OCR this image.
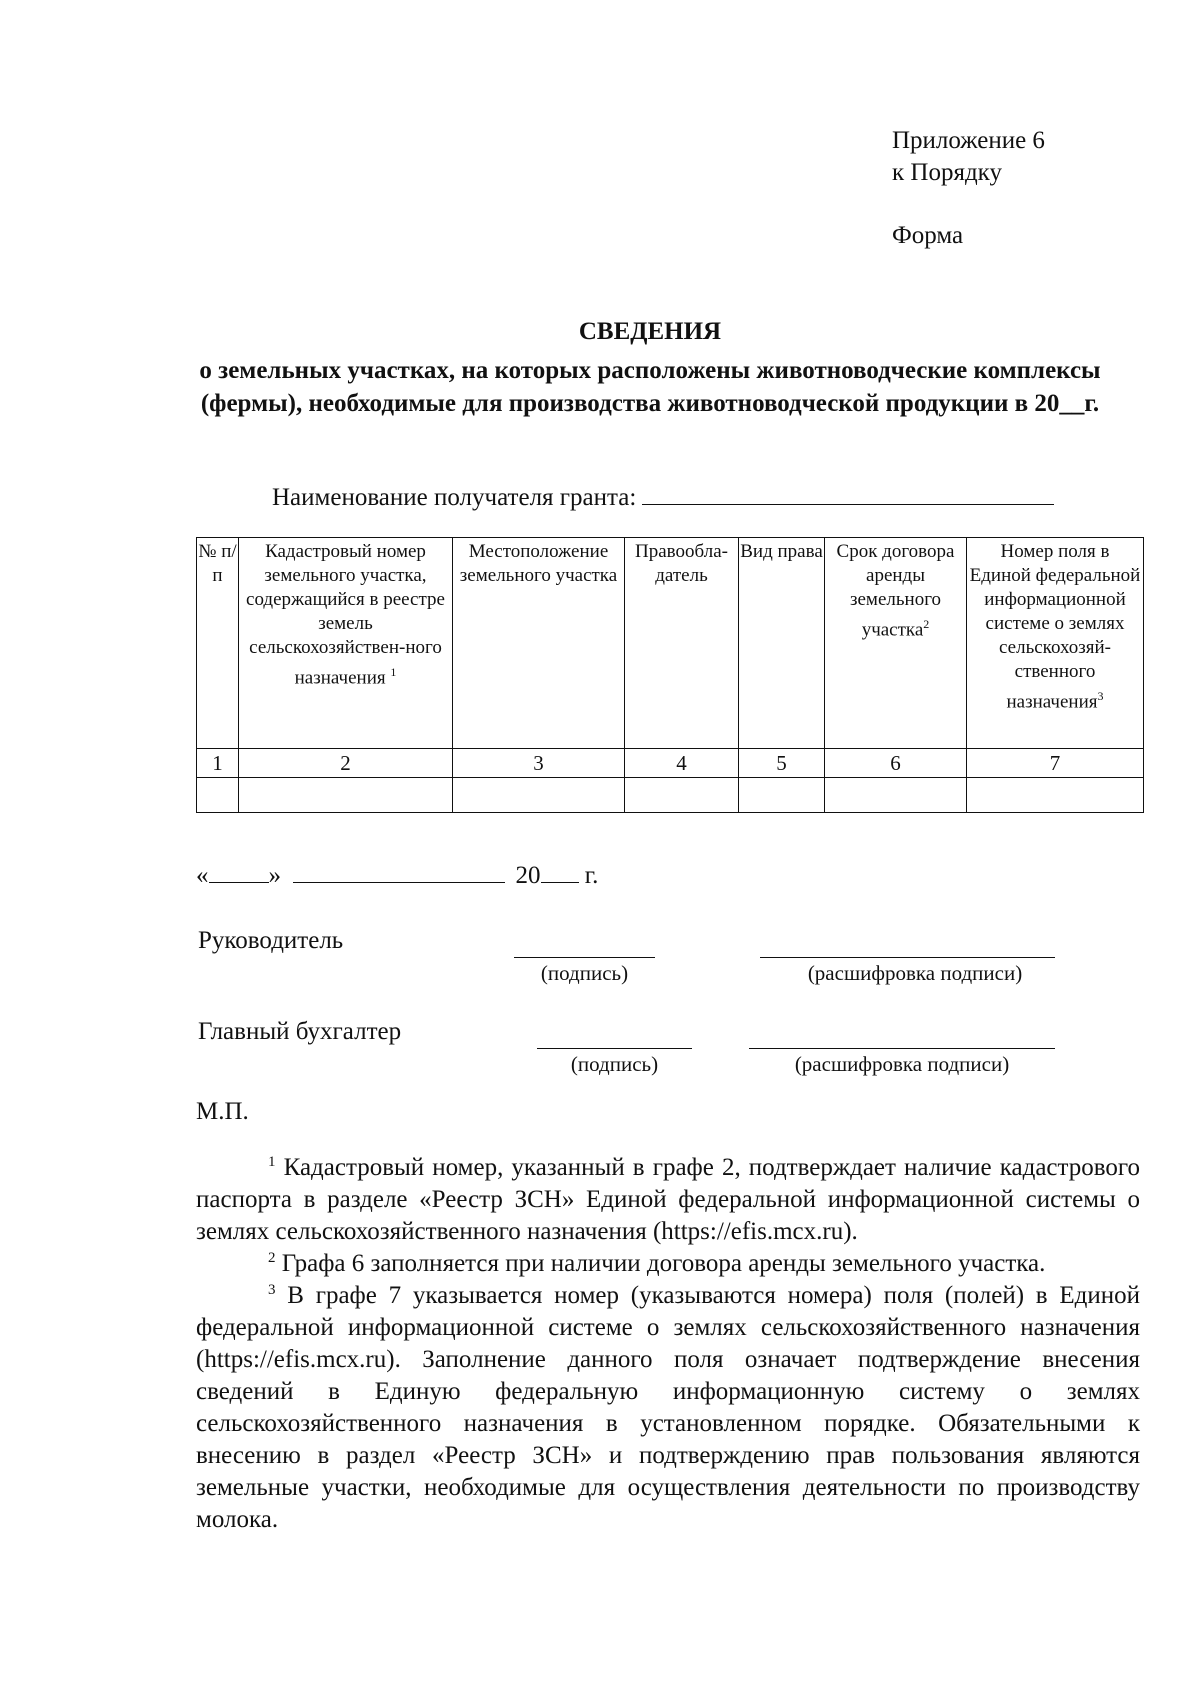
Приложение 6
к Порядку
Форма
СВЕДЕНИЯ
о земельных участках, на которых расположены животноводческие комплексы (фермы), необходимые для производства животноводческой продукции в 20__г.
Наименование получателя гранта:
№ п/п	Кадастровый номер земельного участка, содержащийся в реестре земель сельскохозяйствен-ного назначения $^1$	Местоположение земельного участка	Правообла-датель	Вид права	Срок договора аренды земельного участка$^2$	Номер поля в Единой федеральной информационной системе о землях сельскохозяй-ственного назначения$^3$
1	2	3	4	5	6	7

« »	20 г.
Руководитель
(подпись)	(расшифровка подписи)
Главный бухгалтер
(подпись)	(расшифровка подписи)
М.П.

$^1$ Кадастровый номер, указанный в графе 2, подтверждает наличие кадастрового паспорта в разделе «Реестр ЗСН» Единой федеральной информационной системы о землях сельскохозяйственного назначения (https://efis.mcx.ru).

$^2$ Графа 6 заполняется при наличии договора аренды земельного участка.

$^3$ В графе 7 указывается номер (указываются номера) поля (полей) в Единой федеральной информационной системе о землях сельскохозяйственного назначения (https://efis.mcx.ru). Заполнение данного поля означает подтверждение внесения сведений в Единую федеральную информационную систему о землях сельскохозяйственного назначения в установленном порядке. Обязательными к внесению в раздел «Реестр ЗСН» и подтверждению прав пользования являются земельные участки, необходимые для осуществления деятельности по производству молока.
